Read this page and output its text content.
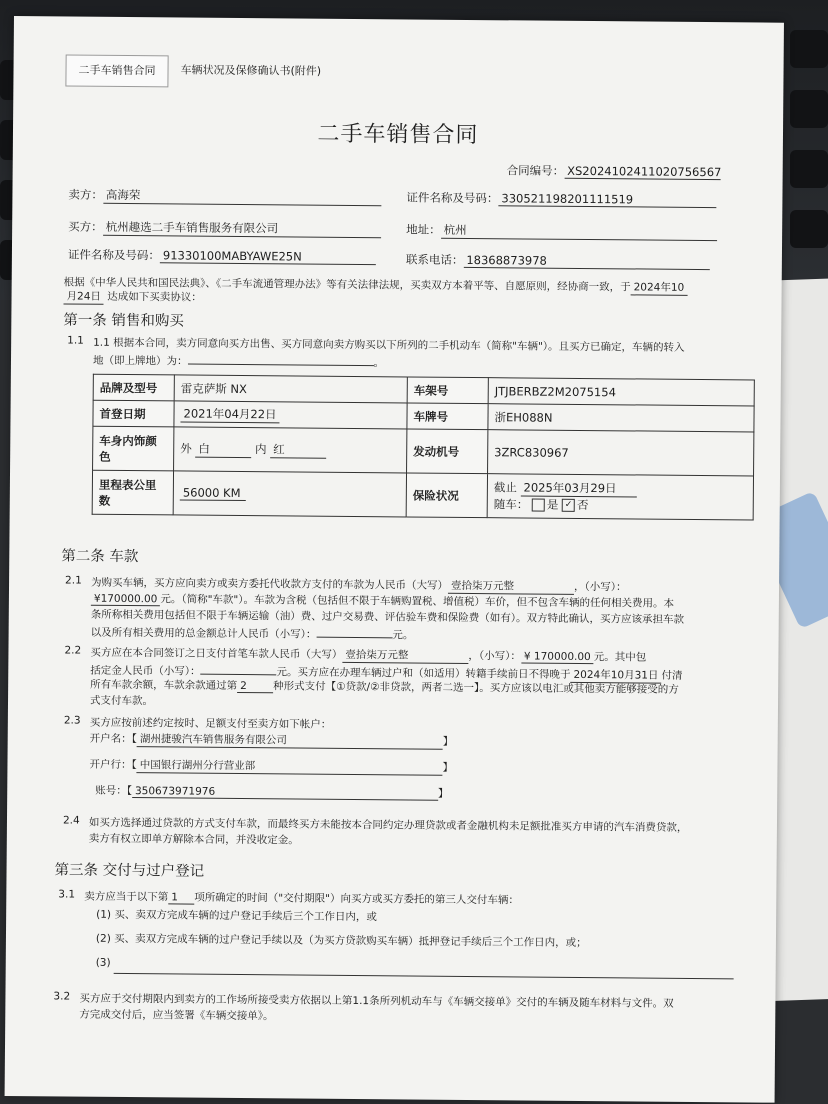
二手车销售合同	车辆状况及保修确认书(附件)
二手车销售合同
合同编号： XS2024102411020756567
卖方： 高海荣	证件名称及号码： 330521198201111519
买方： 杭州趣选二手车销售服务有限公司	地址： 杭州
证件名称及号码： 91330100MABYAWE25N	联系电话： 18368873978
根据《中华人民共和国民法典》、《二手车流通管理办法》等有关法律法规，买卖双方本着平等、自愿原则，经协商一致，于 2024年10
月24日 达成如下买卖协议：
第一条 销售和购买
1.1 1.1 根据本合同，卖方同意向买方出售、买方同意向卖方购买以下所列的二手机动车（简称"车辆"）。且买方已确定，车辆的转入
地（即上牌地）为：	。
品牌及型号	雷克萨斯 NX	车架号	JTJBERBZ2M2075154
首登日期	2021年04月22日	车牌号	浙EH088N
车身内饰颜色	外 白 内 红	发动机号	3ZRC830967
里程表公里数	56000 KM	保险状况	截止 2025年03月29日
随车： 是 ✓ 否
第二条 车款
2.1 为购买车辆，买方应向卖方或卖方委托代收款方支付的车款为人民币（大写） 壹拾柒万元整	，（小写）：
¥170000.00 元。（简称"车款"）。车款为含税（包括但不限于车辆购置税、增值税）车价，但不包含车辆的任何相关费用。本
条所称相关费用包括但不限于车辆运输（油）费、过户交易费、评估验车费和保险费（如有）。双方特此确认，买方应该承担车款
以及所有相关费用的总金额总计人民币（小写）：	元。
2.2 买方应在本合同签订之日支付首笔车款人民币（大写） 壹拾柒万元整	，（小写）： ¥ 170000.00 元。其中包
括定金人民币（小写）：	元。买方应在办理车辆过户和（如适用）转籍手续前日不得晚于 2024年10月31日 付清
所有车款余额，车款余款通过第 2 种形式支付【①贷款/②非贷款，两者二选一】。买方应该以电汇或其他卖方能够接受的方
式支付车款。
2.3 买方应按前述约定按时、足额支付至卖方如下帐户：
开户名：【 湖州捷骏汽车销售服务有限公司	】
开户行：【 中国银行湖州分行营业部	】
账号：【 350673971976	】
2.4 如买方选择通过贷款的方式支付车款，而最终买方未能按本合同约定办理贷款或者金融机构未足额批准买方申请的汽车消费贷款，
卖方有权立即单方解除本合同，并没收定金。
第三条 交付与过户登记
3.1 卖方应当于以下第 1 项所确定的时间（"交付期限"）向买方或买方委托的第三人交付车辆：
(1) 买、卖双方完成车辆的过户登记手续后三个工作日内，或
(2) 买、卖双方完成车辆的过户登记手续以及（为买方贷款购买车辆）抵押登记手续后三个工作日内，或；
(3)
3.2 买方应于交付期限内到卖方的工作场所接受卖方依据以上第1.1条所列机动车与《车辆交接单》交付的车辆及随车材料与文件。双
方完成交付后，应当签署《车辆交接单》。
